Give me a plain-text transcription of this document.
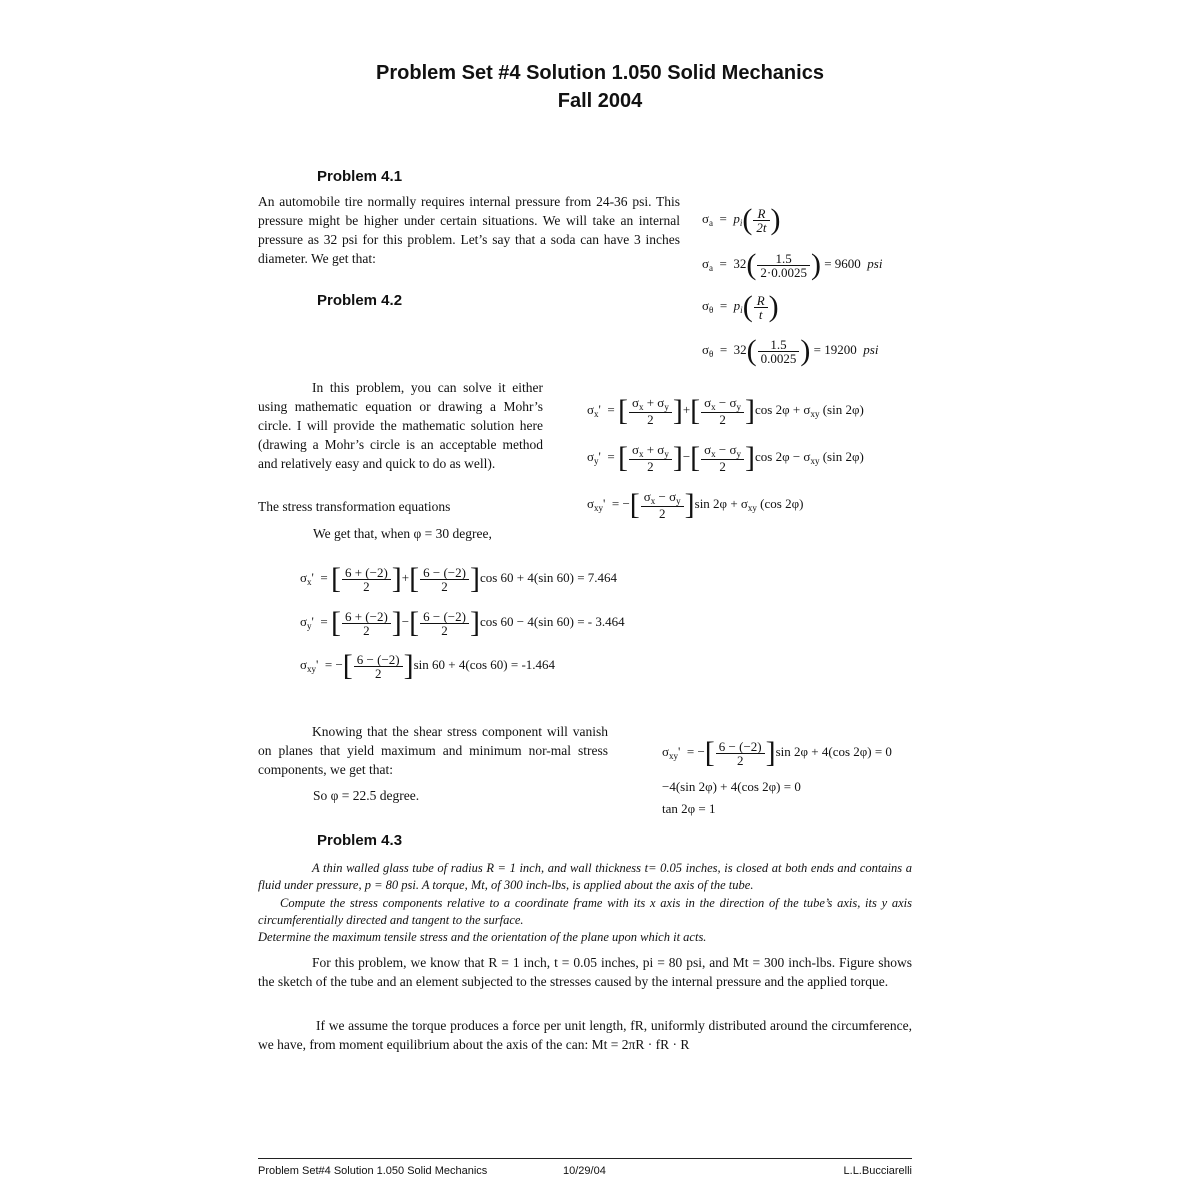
Problem Set #4 Solution 1.050 Solid Mechanics
Fall 2004
Problem 4.1
An automobile tire normally requires internal pressure from 24-36 psi. This pressure might be higher under certain situations. We will take an internal pressure as 32 psi for this problem. Let’s say that a soda can have 3 inches diameter. We get that:
$\sigma_a = p_i( \frac{R}{2t}$ )
$\sigma_a = 32( \frac{1.5}{2\cdot 0.0025}$ ) = 9600  psi
$\sigma_\theta = p_i( \frac{R}{t}$ )
$\sigma_\theta = 32( \frac{1.5}{0.0025}$ ) = 19200  psi
Problem 4.2
In this problem, you can solve it either using mathematic equation or drawing a Mohr’s circle. I will provide the mathematic solution here (drawing a Mohr’s circle is an acceptable method and relatively easy and quick to do as well).
The stress transformation equations
We get that, when φ = 30 degree,
$\sigma_x'$  = [ $\frac{\sigma_x + \sigma_y}{2}$ ]+[ $\frac{\sigma_x - \sigma_y}{2} ]\cos$ $2\varphi + \sigma_{xy}$ (sin 2φ)
$\sigma_y'$  = [ $\frac{\sigma_x + \sigma_y}{2}$ ]−[ $\frac{\sigma_x - \sigma_y}{2} ]\cos$ $2\varphi - \sigma_{xy}$ (sin 2φ)
$\sigma_{xy}'$  = −[ $\frac{\sigma_x - \sigma_y}{2} ]\sin$ $2\varphi + \sigma_{xy}$ (cos 2φ)
$\sigma_x'$  = [ $\frac{6 + (-2)}{2}$ ]+[ $\frac{6 - (-2)}{2} ]\cos$ 60 + 4(sin 60) = 7.464
$\sigma_y'$  = [ $\frac{6 + (-2)}{2}$ ]−[ $\frac{6 - (-2)}{2} ]\cos$ 60 − 4(sin 60) = - 3.464
$\sigma_{xy}'$  = −[ $\frac{6 - (-2)}{2} ]\sin$ 60 + 4(cos 60) = -1.464
Knowing that the shear stress component will vanish on planes that yield maximum and minimum nor-mal stress components, we get that:
So φ = 22.5 degree.
$\sigma_{xy}'$  = −[ $\frac{6 - (-2)}{2} ]\sin$ 2φ + 4(cos 2φ) = 0
−4(sin 2φ) + 4(cos 2φ) = 0
tan 2φ = 1
Problem 4.3
A thin walled glass tube of radius R = 1 inch, and wall thickness t= 0.05 inches, is closed at both ends and contains a fluid under pressure, p = 80 psi. A torque, Mt, of 300 inch-lbs, is applied about the axis of the tube.
Compute the stress components relative to a coordinate frame with its x axis in the direction of the tube’s axis, its y axis circumferentially directed and tangent to the surface.
Determine the maximum tensile stress and the orientation of the plane upon which it acts.
For this problem, we know that R = 1 inch, t = 0.05 inches, pi = 80 psi, and Mt = 300 inch-lbs. Figure shows the sketch of the tube and an element subjected to the stresses caused by the internal pressure and the applied torque.
If we assume the torque produces a force per unit length, fR, uniformly distributed around the circumference, we have, from moment equilibrium about the axis of the can: Mt = 2πR · fR · R
Problem Set#4 Solution 1.050 Solid Mechanics	10/29/04	L.L.Bucciarelli
